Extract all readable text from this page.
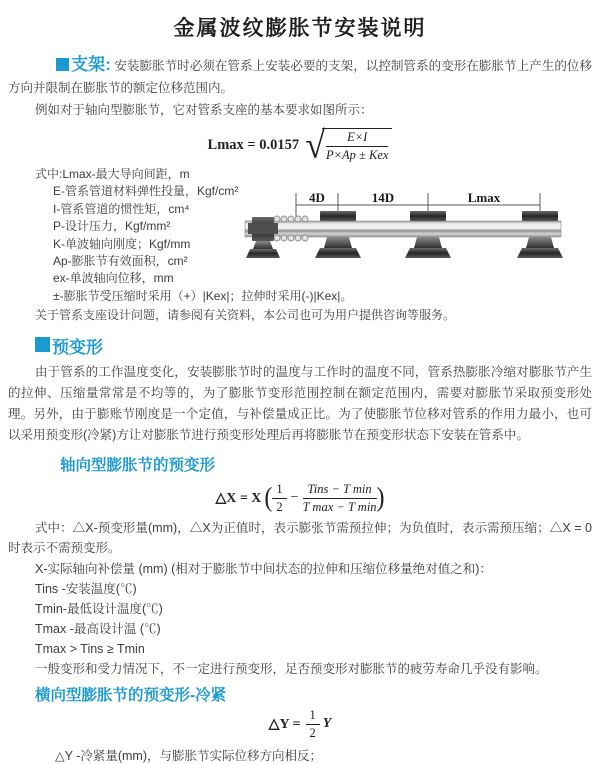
金属波纹膨胀节安装说明

支架: 安装膨胀节时必须在管系上安装必要的支架，以控制管系的变形在膨胀节上产生的位移方向并限制在膨胀节的额定位移范围内。

例如对于轴向型膨胀节，它对管系支座的基本要求如图所示：

Lmax = 0.0157 √ $\frac{E\times I}{\text{P×Ap ± Kex}}$
式中:Lmax-最大导向间距，m
E-管系管道材料弹性投量，Kgf/cm²
I-管系管道的惯性矩，cm⁴
P-设计压力，Kgf/mm²
K-单波轴向刚度；Kgf/mm
Ap-膨胀节有效面积，cm²
ex-单波轴向位移，mm
±-膨胀节受压缩时采用（+）|Kex|；拉伸时采用(-)|Kex|。
关于管系支座设计问题，请参阅有关资料，本公司也可为用户提供咨询等服务。
4D	14D	Lmax
预变形

由于管系的工作温度变化，安装膨胀节时的温度与工作时的温度不同，管系热膨胀冷缩对膨胀节产生的拉伸、压缩量常常是不均等的，为了膨胀节变形范围控制在额定范围内，需要对膨胀节采取预变形处理。另外，由于膨账节刚度是一个定值，与补偿量成正比。为了使膨胀节位移对管系的作用力最小，也可以采用预变形(冷紧)方让对膨胀节进行预变形处理后再将膨胀节在预变形状态下安装在管系中。

轴向型膨胀节的预变形
△X = X ( $\frac{1}{2} - \frac{\text{Tins − T min}}{\text{T max − T min}}$ )

式中：△X-预变形量(mm)，△X为正值时，表示膨张节需预拉伸；为负值时，表示需预压缩；△X = 0时表示不需预变形。

X-实际轴向补偿量 (mm) (相对于膨胀节中间状态的拉伸和压缩位移量绝对值之和)：
Tins -安装温度(℃)
Tmin-最低设计温度(℃)
Tmax -最高设计温 (℃)
Tmax > Tins ≥ Tmin
一般变形和受力情况下，不一定进行预变形，足否预变形对膨胀节的疲劳寿命几乎没有影响。
横向型膨胀节的预变形-冷紧
△Y = $\frac{1}{2}$ Y
△Y -冷紧量(mm)，与膨胀节实际位移方向相反；
